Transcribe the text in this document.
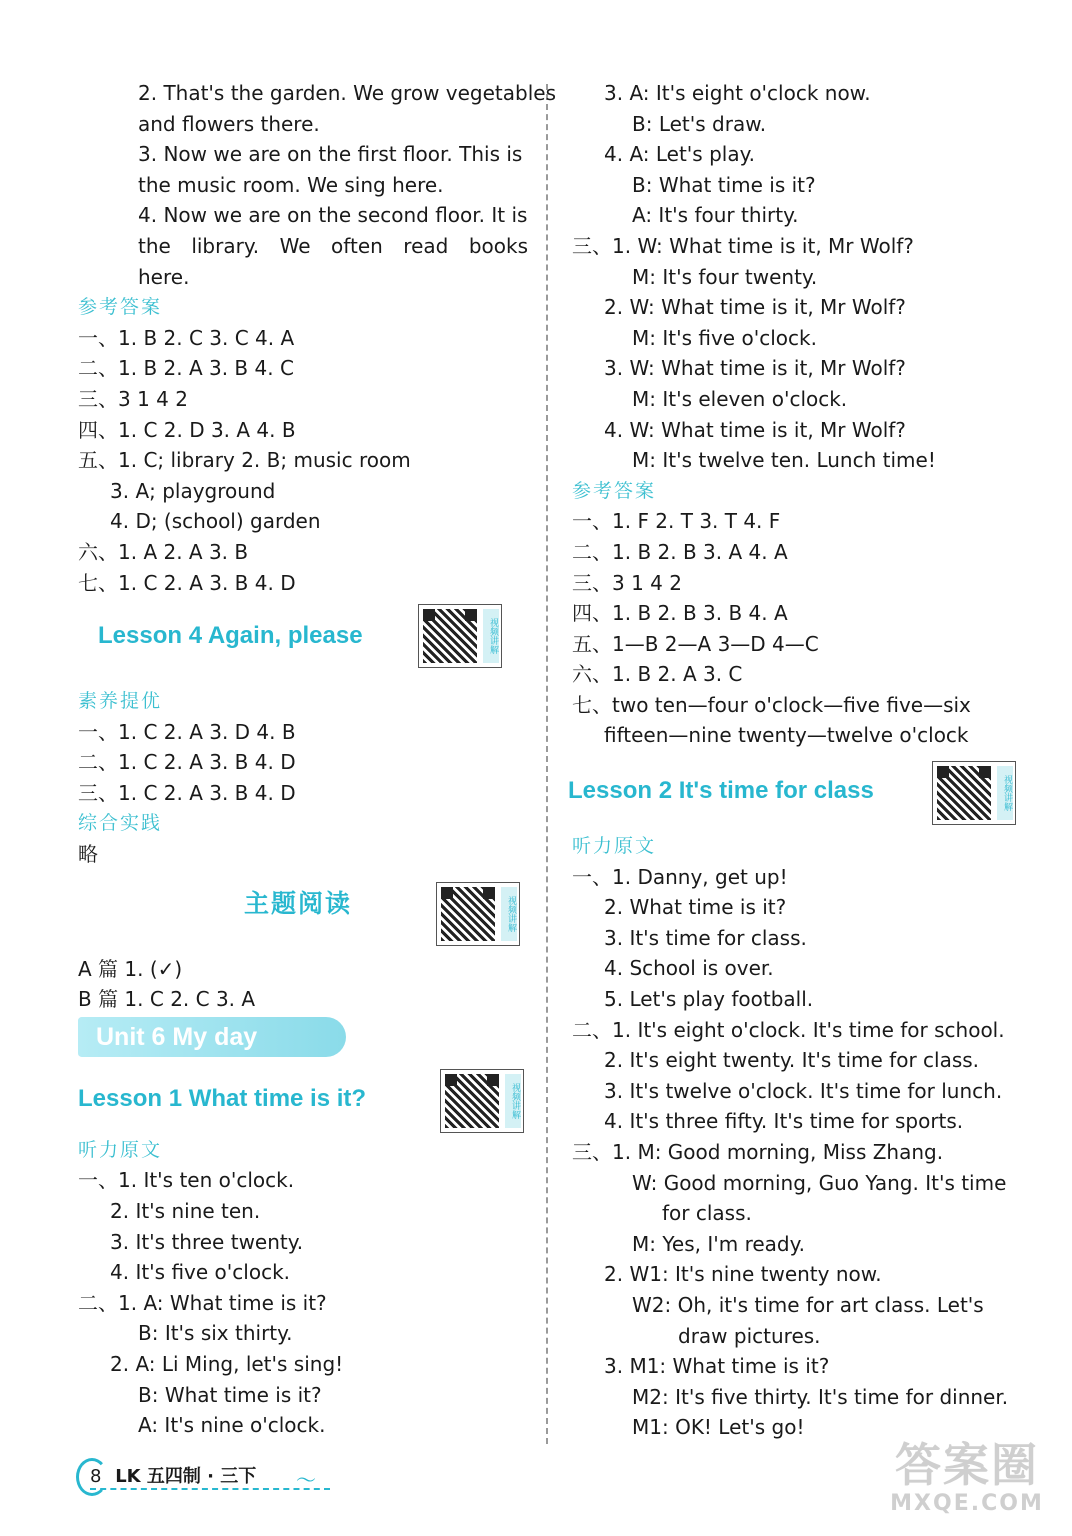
2. That's the garden. We grow vegetables
and flowers there.
3. Now we are on the first floor. This is
the music room. We sing here.
4. Now we are on the second floor. It is
the library. We often read books
here.
参考答案
一、1. B 2. C 3. C 4. A
二、1. B 2. A 3. B 4. C
三、3 1 4 2
四、1. C 2. D 3. A 4. B
五、1. C; library 2. B; music room
3. A; playground
4. D; (school) garden
六、1. A 2. A 3. B
七、1. C 2. A 3. B 4. D
Lesson 4 Again, please	视频讲解
素养提优
一、1. C 2. A 3. D 4. B
二、1. C 2. A 3. B 4. D
三、1. C 2. A 3. B 4. D
综合实践
略
主题阅读	视频讲解
A 篇 1. (✓)
B 篇 1. C 2. C 3. A
Unit 6 My day
Lesson 1 What time is it?	视频讲解
听力原文
一、1. It's ten o'clock.
2. It's nine ten.
3. It's three twenty.
4. It's five o'clock.
二、1. A: What time is it?
B: It's six thirty.
2. A: Li Ming, let's sing!
B: What time is it?
A: It's nine o'clock.
3. A: It's eight o'clock now.
B: Let's draw.
4. A: Let's play.
B: What time is it?
A: It's four thirty.
三、1. W: What time is it, Mr Wolf?
M: It's four twenty.
2. W: What time is it, Mr Wolf?
M: It's five o'clock.
3. W: What time is it, Mr Wolf?
M: It's eleven o'clock.
4. W: What time is it, Mr Wolf?
M: It's twelve ten. Lunch time!
参考答案
一、1. F 2. T 3. T 4. F
二、1. B 2. B 3. A 4. A
三、3 1 4 2
四、1. B 2. B 3. B 4. A
五、1—B 2—A 3—D 4—C
六、1. B 2. A 3. C
七、two ten—four o'clock—five five—six
fifteen—nine twenty—twelve o'clock
Lesson 2 It's time for class	视频讲解
听力原文
一、1. Danny, get up!
2. What time is it?
3. It's time for class.
4. School is over.
5. Let's play football.
二、1. It's eight o'clock. It's time for school.
2. It's eight twenty. It's time for class.
3. It's twelve o'clock. It's time for lunch.
4. It's three fifty. It's time for sports.
三、1. M: Good morning, Miss Zhang.
W: Good morning, Guo Yang. It's time
for class.
M: Yes, I'm ready.
2. W1: It's nine twenty now.
W2: Oh, it's time for art class. Let's
draw pictures.
3. M1: What time is it?
M2: It's five thirty. It's time for dinner.
M1: OK! Let's go!
8 LK 五四制 · 三下 〜	答案圈
MXQE.COM
